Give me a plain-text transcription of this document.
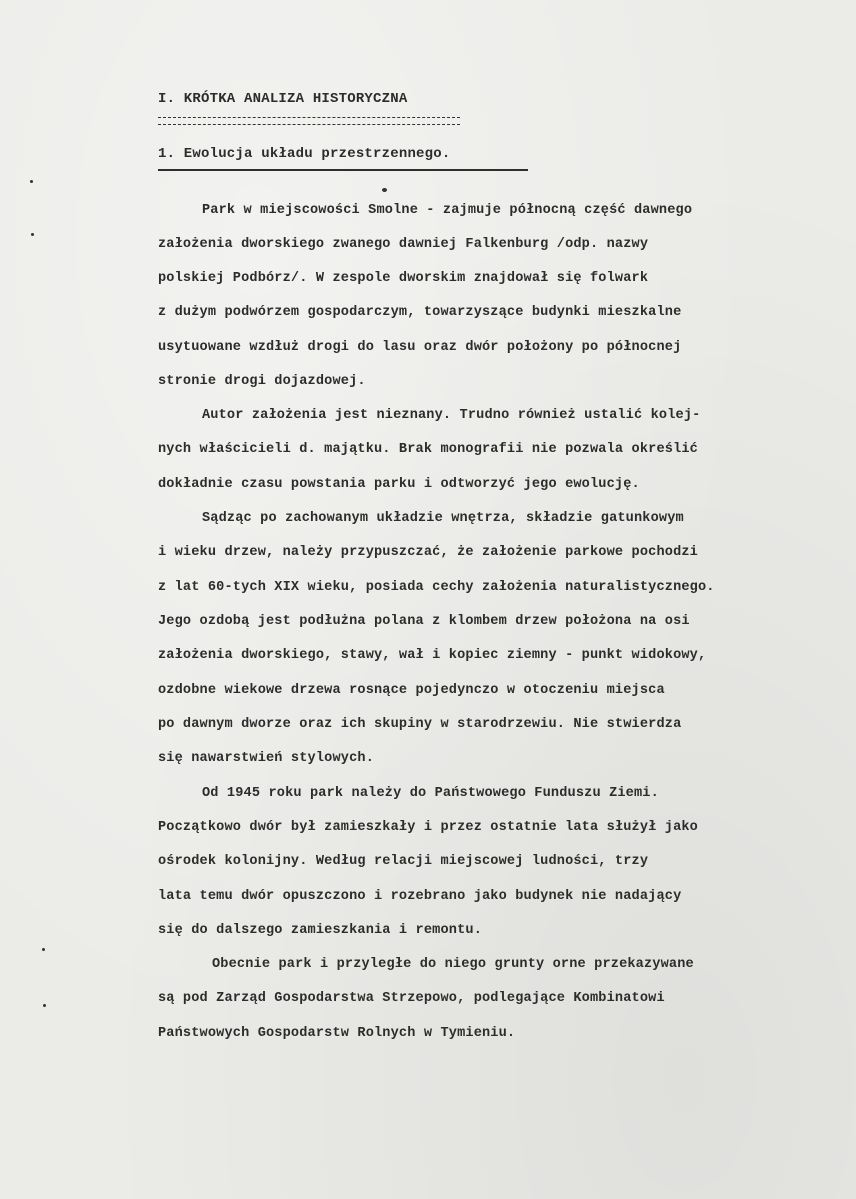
I. KRÓTKA ANALIZA HISTORYCZNA
1. Ewolucja układu przestrzennego.
Park w miejscowości Smolne - zajmuje północną część dawnego
założenia dworskiego zwanego dawniej Falkenburg /odp. nazwy
polskiej Podbórz/. W zespole dworskim znajdował się folwark
z dużym podwórzem gospodarczym, towarzyszące budynki mieszkalne
usytuowane wzdłuż drogi do lasu oraz dwór położony po północnej
stronie drogi dojazdowej.
Autor założenia jest nieznany. Trudno również ustalić kolej-
nych właścicieli d. majątku. Brak monografii nie pozwala określić
dokładnie czasu powstania parku i odtworzyć jego ewolucję.
Sądząc po zachowanym układzie wnętrza, składzie gatunkowym
i wieku drzew, należy przypuszczać, że założenie parkowe pochodzi
z lat 60-tych XIX wieku, posiada cechy założenia naturalistycznego.
Jego ozdobą jest podłużna polana z klombem drzew położona na osi
założenia dworskiego, stawy, wał i kopiec ziemny - punkt widokowy,
ozdobne wiekowe drzewa rosnące pojedynczo w otoczeniu miejsca
po dawnym dworze oraz ich skupiny w starodrzewiu. Nie stwierdza
się nawarstwień stylowych.
Od 1945 roku park należy do Państwowego Funduszu Ziemi.
Początkowo dwór był zamieszkały i przez ostatnie lata służył jako
ośrodek kolonijny. Według relacji miejscowej ludności, trzy
lata temu dwór opuszczono i rozebrano jako budynek nie nadający
się do dalszego zamieszkania i remontu.
Obecnie park i przyległe do niego grunty orne przekazywane
są pod Zarząd Gospodarstwa Strzepowo, podlegające Kombinatowi
Państwowych Gospodarstw Rolnych w Tymieniu.
